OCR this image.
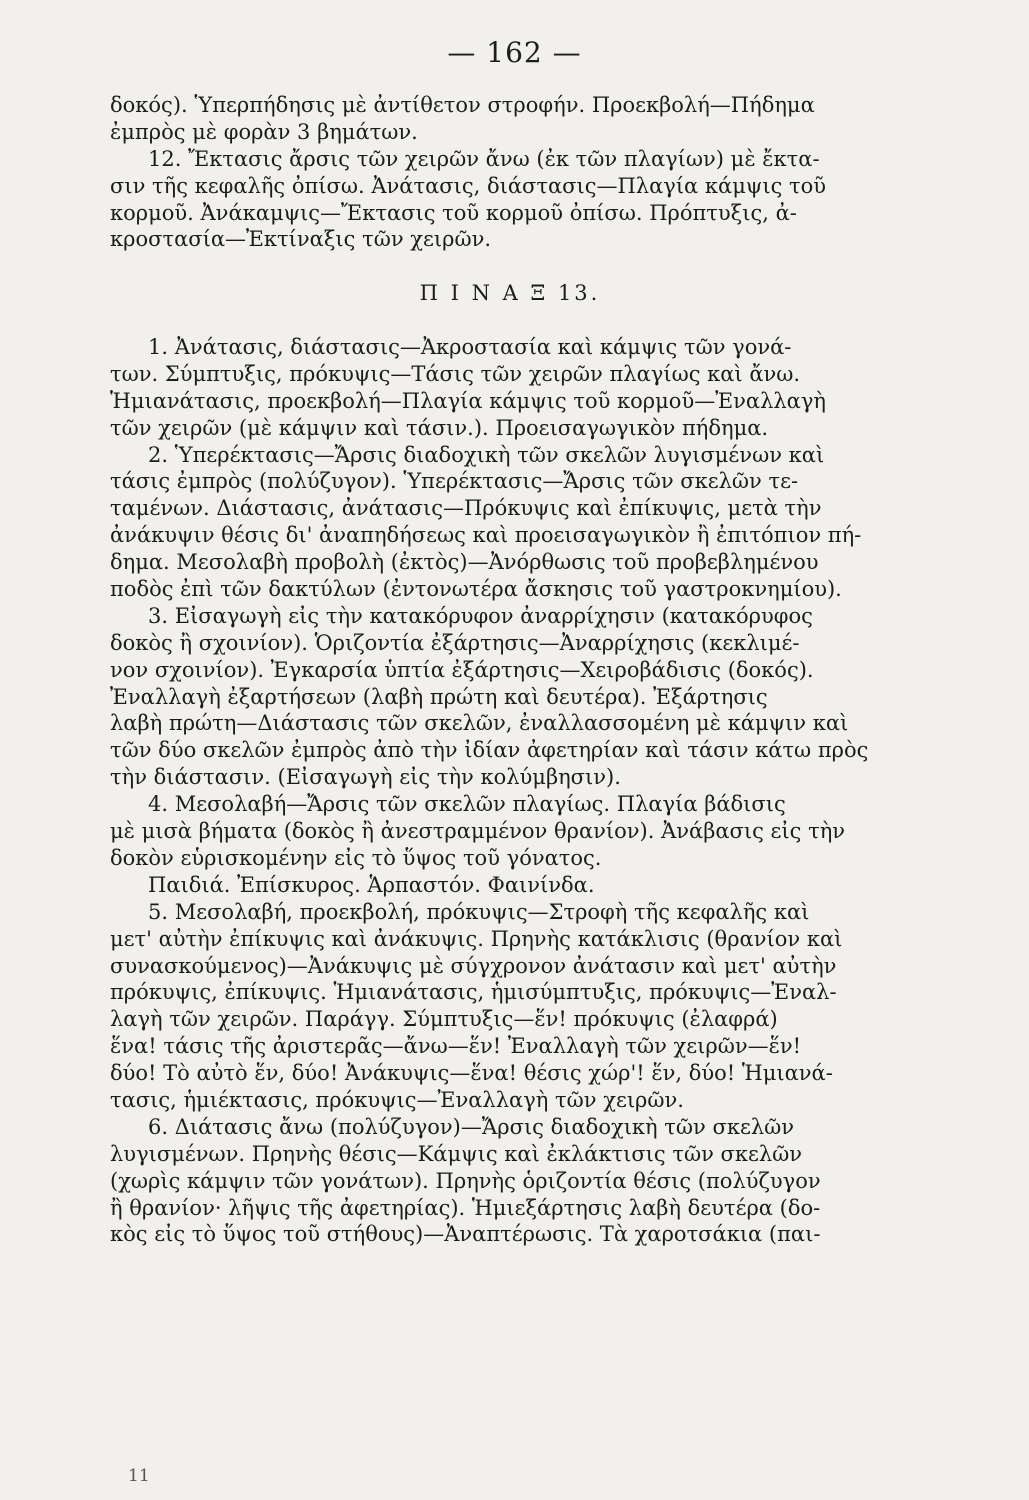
— 162 —
δοκός). Ὑπερπήδησις μὲ ἀντίθετον στροφήν. Προεκβολή—Πήδημα
ἐμπρὸς μὲ φορὰν 3 βημάτων.
12. Ἔκτασις ἄρσις τῶν χειρῶν ἄνω (ἐκ τῶν πλαγίων) μὲ ἔκτα-
σιν τῆς κεφαλῆς ὀπίσω. Ἀνάτασις, διάστασις—Πλαγία κάμψις τοῦ
κορμοῦ. Ἀνάκαμψις—Ἔκτασις τοῦ κορμοῦ ὀπίσω. Πρόπτυξις, ἀ-
κροστασία—Ἐκτίναξις τῶν χειρῶν.
Π Ι Ν Α Ξ 13.
1. Ἀνάτασις, διάστασις—Ἀκροστασία καὶ κάμψις τῶν γονά-
των. Σύμπτυξις, πρόκυψις—Τάσις τῶν χειρῶν πλαγίως καὶ ἄνω.
Ἡμιανάτασις, προεκβολή—Πλαγία κάμψις τοῦ κορμοῦ—Ἐναλλαγὴ
τῶν χειρῶν (μὲ κάμψιν καὶ τάσιν.). Προεισαγωγικὸν πήδημα.
2. Ὑπερέκτασις—Ἄρσις διαδοχικὴ τῶν σκελῶν λυγισμένων καὶ
τάσις ἐμπρὸς (πολύζυγον). Ὑπερέκτασις—Ἄρσις τῶν σκελῶν τε-
ταμένων. Διάστασις, ἀνάτασις—Πρόκυψις καὶ ἐπίκυψις, μετὰ τὴν
ἀνάκυψιν θέσις δι' ἀναπηδήσεως καὶ προεισαγωγικὸν ἢ ἐπιτόπιον πή-
δημα. Μεσολαβὴ προβολὴ (ἐκτὸς)—Ἀνόρθωσις τοῦ προβεβλημένου
ποδὸς ἐπὶ τῶν δακτύλων (ἐντονωτέρα ἄσκησις τοῦ γαστροκνημίου).
3. Εἰσαγωγὴ εἰς τὴν κατακόρυφον ἀναρρίχησιν (κατακόρυφος
δοκὸς ἢ σχοινίον). Ὁριζοντία ἐξάρτησις—Ἀναρρίχησις (κεκλιμέ-
νον σχοινίον). Ἐγκαρσία ὑπτία ἐξάρτησις—Χειροβάδισις (δοκός).
Ἐναλλαγὴ ἐξαρτήσεων (λαβὴ πρώτη καὶ δευτέρα). Ἐξάρτησις
λαβὴ πρώτη—Διάστασις τῶν σκελῶν, ἐναλλασσομένη μὲ κάμψιν καὶ
τῶν δύο σκελῶν ἐμπρὸς ἀπὸ τὴν ἰδίαν ἀφετηρίαν καὶ τάσιν κάτω πρὸς
τὴν διάστασιν. (Εἰσαγωγὴ εἰς τὴν κολύμβησιν).
4. Μεσολαβή—Ἄρσις τῶν σκελῶν πλαγίως. Πλαγία βάδισις
μὲ μισὰ βήματα (δοκὸς ἢ ἀνεστραμμένον θρανίον). Ἀνάβασις εἰς τὴν
δοκὸν εὑρισκομένην εἰς τὸ ὕψος τοῦ γόνατος.
Παιδιά. Ἐπίσκυρος. Ἁρπαστόν. Φαινίνδα.
5. Μεσολαβή, προεκβολή, πρόκυψις—Στροφὴ τῆς κεφαλῆς καὶ
μετ' αὐτὴν ἐπίκυψις καὶ ἀνάκυψις. Πρηνὴς κατάκλισις (θρανίον καὶ
συνασκούμενος)—Ἀνάκυψις μὲ σύγχρονον ἀνάτασιν καὶ μετ' αὐτὴν
πρόκυψις, ἐπίκυψις. Ἡμιανάτασις, ἡμισύμπτυξις, πρόκυψις—Ἐναλ-
λαγὴ τῶν χειρῶν. Παράγγ. Σύμπτυξις—ἕν! πρόκυψις (ἐλαφρά)
ἕνα! τάσις τῆς ἀριστερᾶς—ἄνω—ἕν! Ἐναλλαγὴ τῶν χειρῶν—ἕν!
δύο! Τὸ αὐτὸ ἕν, δύο! Ἀνάκυψις—ἕνα! θέσις χώρ'! ἕν, δύο! Ἡμιανά-
τασις, ἡμιέκτασις, πρόκυψις—Ἐναλλαγὴ τῶν χειρῶν.
6. Διάτασις ἄνω (πολύζυγον)—Ἄρσις διαδοχικὴ τῶν σκελῶν
λυγισμένων. Πρηνὴς θέσις—Κάμψις καὶ ἐκλάκτισις τῶν σκελῶν
(χωρὶς κάμψιν τῶν γονάτων). Πρηνὴς ὁριζοντία θέσις (πολύζυγον
ἢ θρανίον· λῆψις τῆς ἀφετηρίας). Ἡμιεξάρτησις λαβὴ δευτέρα (δο-
κὸς εἰς τὸ ὕψος τοῦ στήθους)—Ἀναπτέρωσις. Τὰ χαροτσάκια (παι-
11
